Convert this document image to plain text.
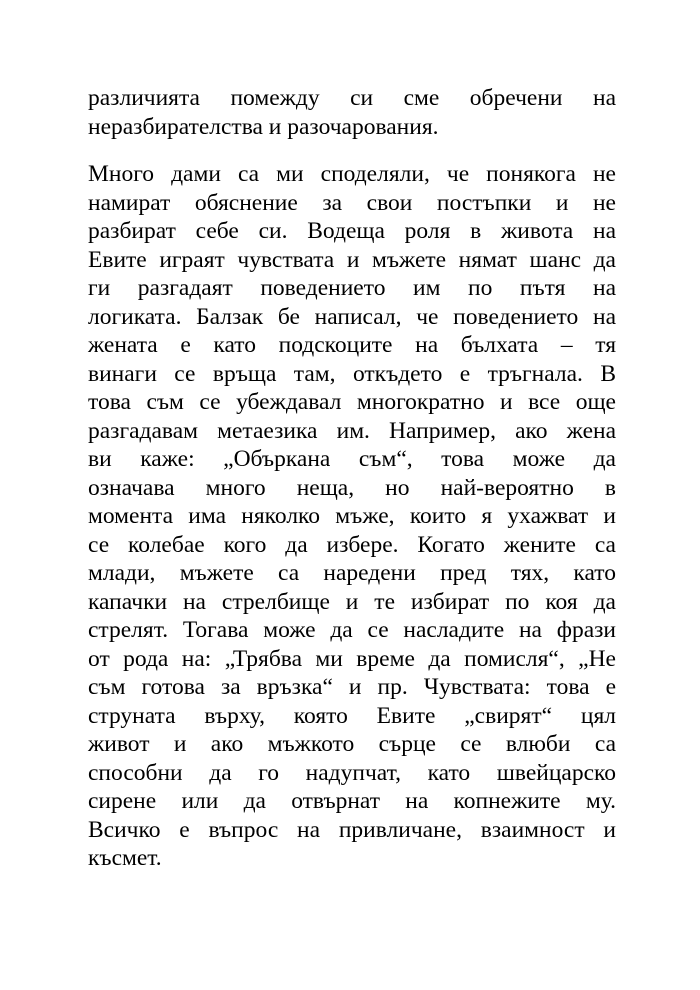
различията помежду си сме обречени на
неразбирателства и разочарования.
Много дами са ми споделяли, че понякога не
намират обяснение за свои постъпки и не
разбират себе си. Водеща роля в живота на
Евите играят чувствата и мъжете нямат шанс да
ги разгадаят поведението им по пътя на
логиката. Балзак бе написал, че поведението на
жената е като подскоците на бълхата – тя
винаги се връща там, откъдето е тръгнала. В
това съм се убеждавал многократно и все още
разгадавам метаезика им. Например, ако жена
ви каже: „Объркана съм“, това може да
означава много неща, но най-вероятно в
момента има няколко мъже, които я ухажват и
се колебае кого да избере. Когато жените са
млади, мъжете са наредени пред тях, като
капачки на стрелбище и те избират по коя да
стрелят. Тогава може да се насладите на фрази
от рода на: „Трябва ми време да помисля“, „Не
съм готова за връзка“ и пр. Чувствата: това е
струната върху, която Евите „свирят“ цял
живот и ако мъжкото сърце се влюби са
способни да го надупчат, като швейцарско
сирене или да отвърнат на копнежите му.
Всичко е въпрос на привличане, взаимност и
късмет.
